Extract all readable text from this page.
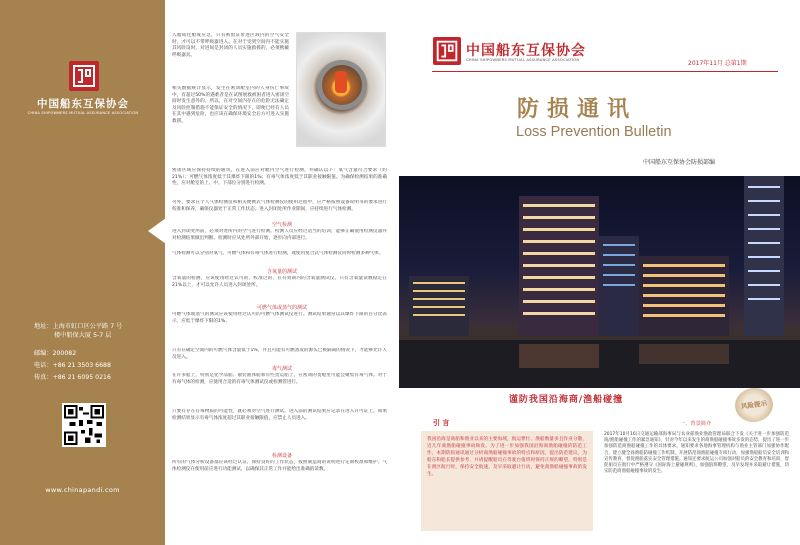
中国船东互保协会
CHINA SHIPOWNERS MUTUAL ASSURANCE ASSOCIATION
地址：上海市虹口区公平路 7 号
楼中船保大厦 5-7 层
邮编：200082
电话：+86 21 3503 6688
传真：+86 21 6095 0216
www.chinapandi.com
入舱间往舱或应急，只有被验证带进区域内的空气安全时，才可以不带呼吸器进入。在对于受到空间内不能实施其风险设时，对进间是封闭的人员实施救援的，必须携戴呼吸器具。
相关数据统计显示，发生在密闭舱室内的人身伤亡事故中，有超过50%的遇难者是在试图展救被困者进入密闭空间时发生意外的。所以，在对空间内存在的危险无法确定及风险控制措施不能保证安全的情况下，即便已经有人员在其中遇到危险，也应该在确保环境安全后方可进入实施救援。
密闭区域应保持持续的通风，在进入前应对舱内空气进行检测，并确认以下：氧气含量符合要求（约21%）；可燃气体浓度低于其爆炸下限的1%；有毒气体浓度低于其职业接触限值。为确保检测结果的准确性，应对舱室的上、中、下部位分别进行检测。
另外，要求在个人气体检测仪和相关便携式气体检测仪的使用过程中，应严格按照设备说明书的要求进行校准和保养，确保仪器处于正常工作状态。进入封闭处所作业期间，应持续进行气体检测。
空气检测
进入封闭处所前，必须对处所内的空气进行检测。检测人员应经过适当的培训，能够正确使用检测仪器并对检测结果做出判断。检测时应从处所外部开始，逐步向内部进行。
气体检测可以分别对氧气、可燃气体和有毒气体进行检测，或使用复合式气体检测仪同时检测多种气体。
含氧量的测试
含氧量的检测，应该使用经过认可的、校准过的、在有效期内的含氧量测试仪。只有含氧量读数稳定在21%以上，才可以允许人员进入封闭处所。
可燃气体或蒸气的测试
可燃气体或蒸气的测试应该使用经过认可的可燃气体测试仪进行。测试结果通常以其爆炸下限的百分比表示，应低于爆炸下限的1%。
只有在确定空间内的可燃气体含量低于1%，并且可能有可燃蒸发的源头已被隔离的情况下，才能够允许人员进入。
毒气测试
在许多船上，特别是化学品船、散装液体船和有些货运船上，在密闭的货舱里可能会聚集有毒气体。对于有毒气体的检测，应使用合适的有毒气体测试仪或检测管进行。
只要有存在有毒物质的可能性，就必须对空气进行测试。进入前的测试结果应记录在进入许可证上。如果检测结果显示有毒气体浓度超过其职业接触限值，应禁止人员进入。
检测设备
所有的气体分析设备都应该经过认证，保持良好的工作状态，按照制造商的说明进行定期校准和维护。气体检测仪在使用前应进行功能测试，以确保其正常工作并能给出准确的读数。
中国船东互保协会
CHINA SHIPOWNERS MUTUAL ASSURANCE ASSOCIATION	2017年11月 总第1期
防损通讯
Loss Prevention Bulletin
中国船东互保协会防损部编
谨防我国沿海商/渔船碰撞	风险提示
引 言

我国沿海是商船和渔业以来的主要海域，航运繁忙、渔船数量多且作业分散，近几年商渔船碰撞事故频发。为了进一步加强我国沿海商渔船碰撞的防范工作，本期防损通讯通过分析商渔船碰撞事故的特点和原因，提出防范建议，为船东和船长提供参考，并请提醒船员在驾驶台值班时保持正规的瞭望，特别是在渔区航行时，保持安全航速，及早采取避让行动，避免商渔船碰撞事故的发生。

一、背景简介
2017年10月16日交通运输部海事局与农业部渔业渔政管理局联合下发《关于进一步加强防范商/渔船碰撞工作的紧急通知》，针对今年以来发生的商渔船碰撞事故多发的态势，提出了进一步加强防范商渔船碰撞工作的具体要求。通知要求各地海事管理机构与渔业主管部门加强协作配合，建立健全商渔船防碰撞工作机制，开展防范商渔船碰撞专项行动，加强渔船船员安全培训和宣传教育，督促渔船落实安全管理措施。通知还要求航运公司加强对船员的安全教育和培训，督促船员在航行中严格遵守《国际海上避碰规则》，加强值班瞭望，及早发现并采取避让措施，切实防范商渔船碰撞事故的发生。
